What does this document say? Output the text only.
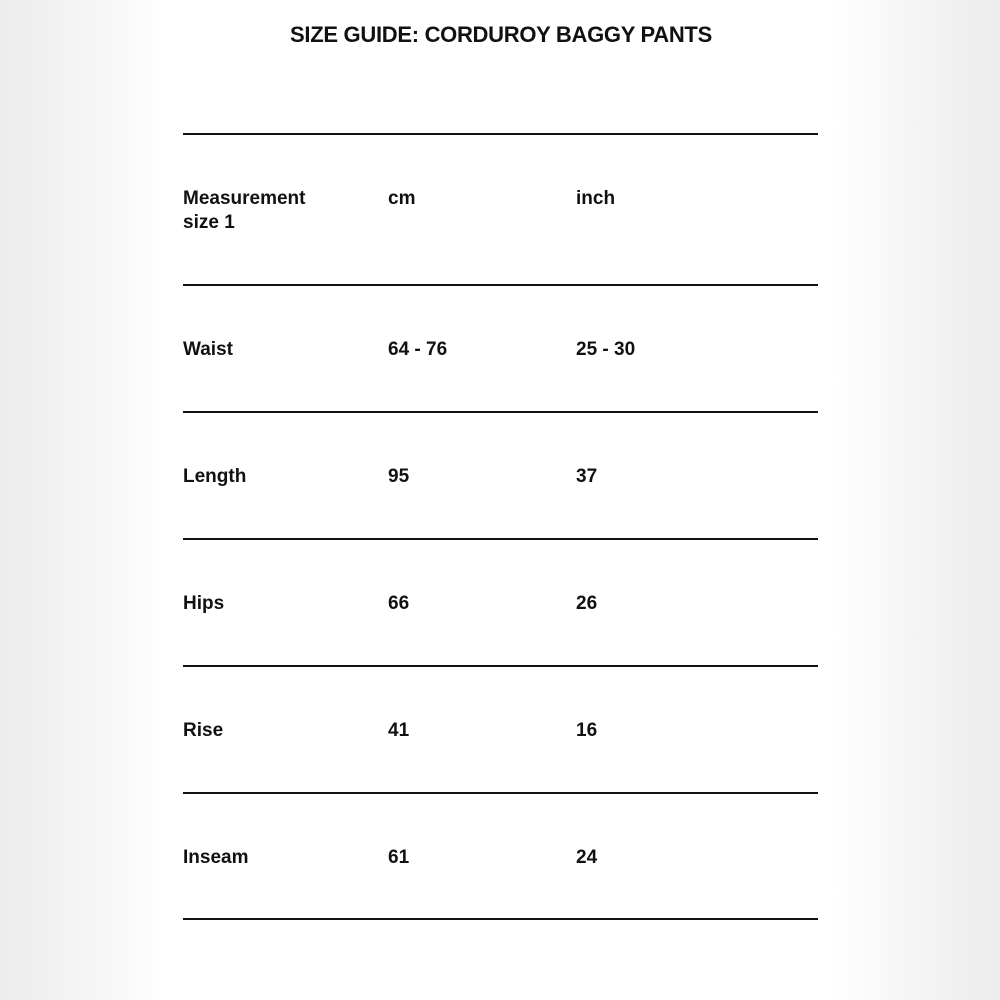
SIZE GUIDE: CORDUROY BAGGY PANTS
Measurement
size 1
cm	inch
Waist	64 - 76	25 - 30
Length	95	37
Hips	66	26
Rise	41	16
Inseam	61	24
